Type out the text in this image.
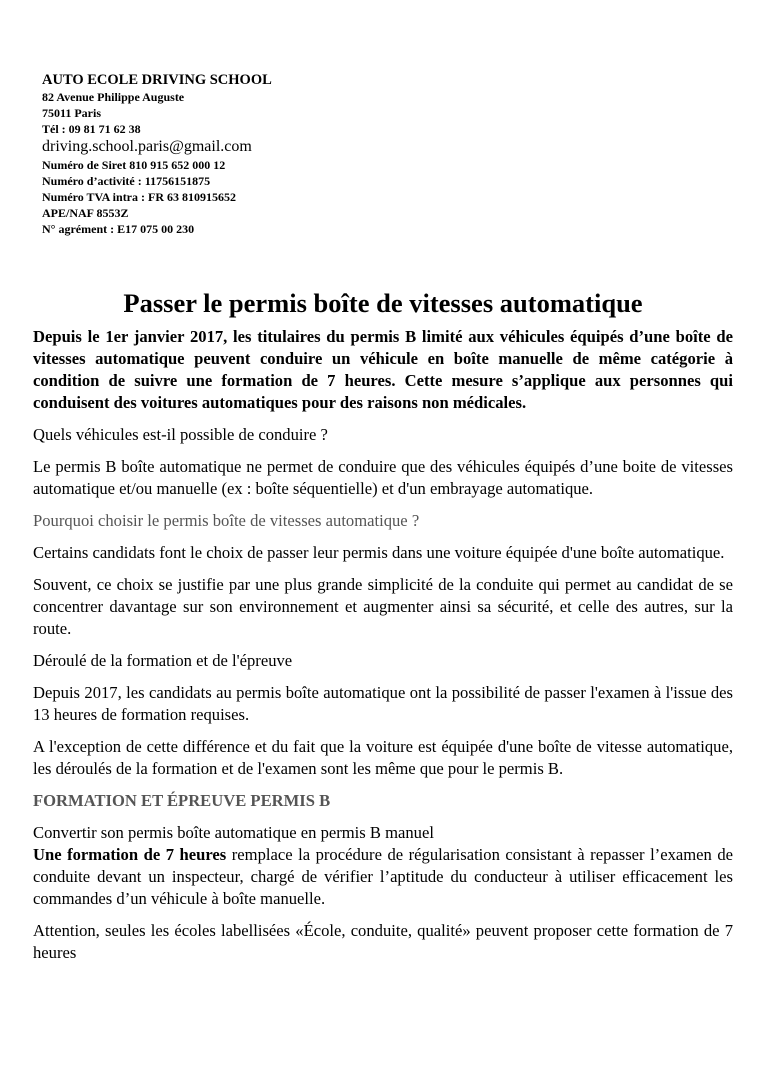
AUTO ECOLE DRIVING SCHOOL
82 Avenue Philippe Auguste
75011 Paris
Tél : 09 81 71 62 38
driving.school.paris@gmail.com
Numéro de Siret 810 915 652 000 12
Numéro d’activité : 11756151875
Numéro TVA intra : FR 63 810915652
APE/NAF 8553Z
N° agrément : E17 075 00 230
Passer le permis boîte de vitesses automatique

Depuis le 1er janvier 2017, les titulaires du permis B limité aux véhicules équipés d’une boîte de vitesses automatique peuvent conduire un véhicule en boîte manuelle de même catégorie à condition de suivre une formation de 7 heures. Cette mesure s’applique aux personnes qui conduisent des voitures automatiques pour des raisons non médicales.

Quels véhicules est-il possible de conduire ?

Le permis B boîte automatique ne permet de conduire que des véhicules équipés d’une boite de vitesses automatique et/ou manuelle (ex : boîte séquentielle) et d'un embrayage automatique.

Pourquoi choisir le permis boîte de vitesses automatique ?

Certains candidats font le choix de passer leur permis dans une voiture équipée d'une boîte automatique.

Souvent, ce choix se justifie par une plus grande simplicité de la conduite qui permet au candidat de se concentrer davantage sur son environnement et augmenter ainsi sa sécurité, et celle des autres, sur la route.

Déroulé de la formation et de l'épreuve

Depuis 2017, les candidats au permis boîte automatique ont la possibilité de passer l'examen à l'issue des 13 heures de formation requises.

A l'exception de cette différence et du fait que la voiture est équipée d'une boîte de vitesse automatique, les déroulés de la formation et de l'examen sont les même que pour le permis B.

FORMATION ET ÉPREUVE PERMIS B

Convertir son permis boîte automatique en permis B manuel

Une formation de 7 heures remplace la procédure de régularisation consistant à repasser l’examen de conduite devant un inspecteur, chargé de vérifier l’aptitude du conducteur à utiliser efficacement les commandes d’un véhicule à boîte manuelle.

Attention, seules les écoles labellisées «École, conduite, qualité» peuvent proposer cette formation de 7 heures
